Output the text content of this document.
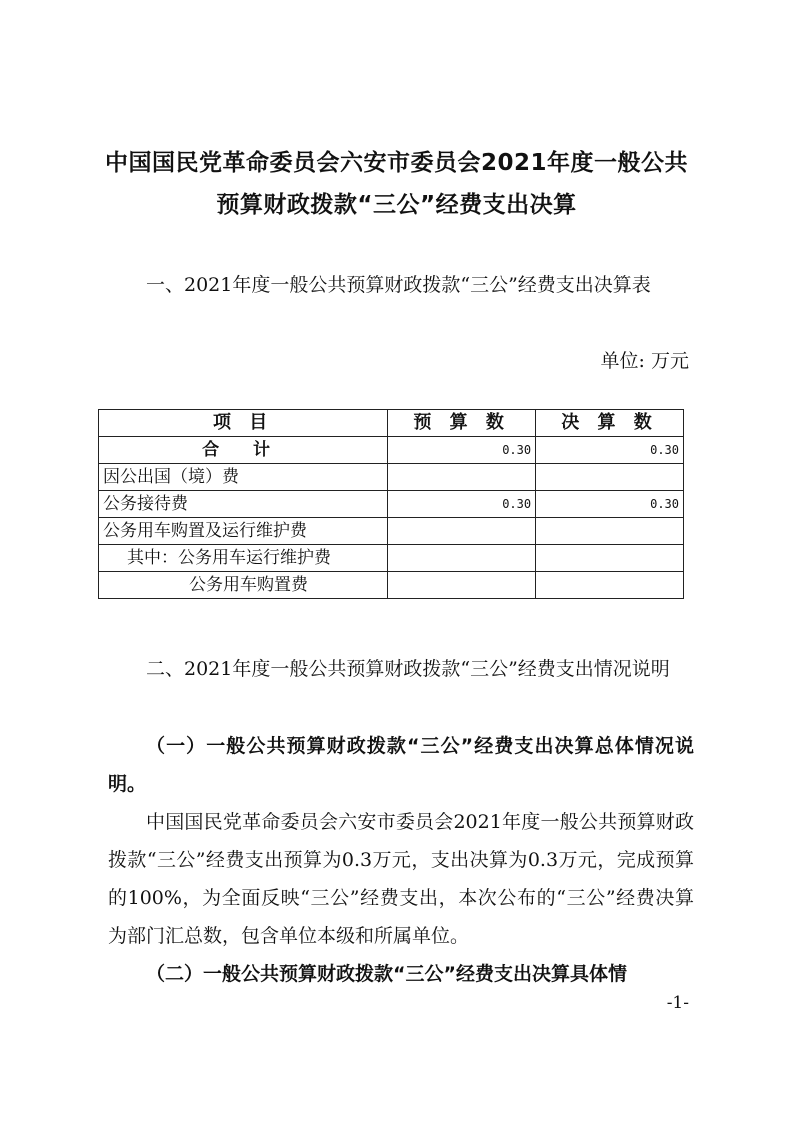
中国国民党革命委员会六安市委员会2021年度一般公共
预算财政拨款“三公”经费支出决算

一、2021年度一般公共预算财政拨款“三公”经费支出决算表

单位: 万元
项 目	预 算 数	决 算 数
合 计	0.30	0.30
因公出国（境）费		
公务接待费	0.30	0.30
公务用车购置及运行维护费		
其中：公务用车运行维护费		
公务用车购置费		

二、2021年度一般公共预算财政拨款“三公”经费支出情况说明

（一）一般公共预算财政拨款“三公”经费支出决算总体情况说明。

中国国民党革命委员会六安市委员会2021年度一般公共预算财政拨款“三公”经费支出预算为0.3万元，支出决算为0.3万元，完成预算的100%，为全面反映“三公”经费支出，本次公布的“三公”经费决算为部门汇总数，包含单位本级和所属单位。

（二）一般公共预算财政拨款“三公”经费支出决算具体情

-1-
